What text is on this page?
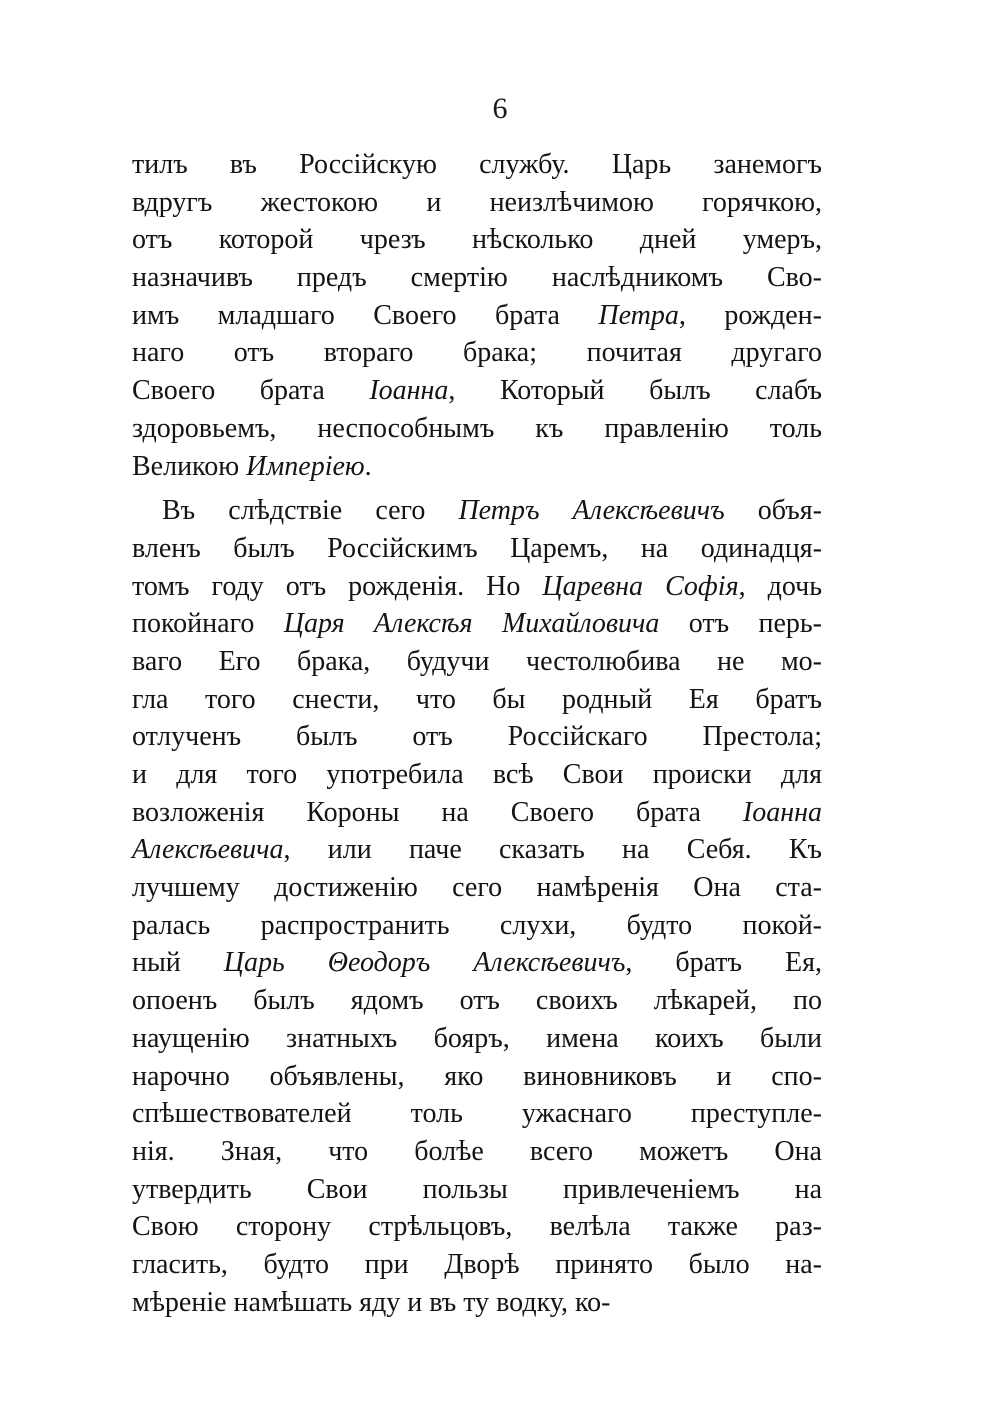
6
тилъ въ Россійскую службу. Царь занемогъ
вдругъ жестокою и неизлѣчимою горячкою,
отъ которой чрезъ нѣсколько дней умеръ,
назначивъ предъ смертію наслѣдникомъ Сво-
имъ младшаго Своего брата Петра, рожден-
наго отъ втораго брака; почитая другаго
Своего брата Іоанна, Который былъ слабъ
здоровьемъ, неспособнымъ къ правленію толь
Великою Имперіею.
Въ слѣдствіе сего Петръ Алексѣевичъ объя-
вленъ былъ Россійскимъ Царемъ, на одинадця-
томъ году отъ рожденія. Но Царевна Софія, дочь
покойнаго Царя Алексѣя Михайловича отъ перь-
ваго Его брака, будучи честолюбива не мо-
гла того снести, что бы родный Ея братъ
отлученъ былъ отъ Россійскаго Престола;
и для того употребила всѣ Свои происки для
возложенія Короны на Своего брата Іоанна
Алексѣевича, или паче сказать на Себя. Къ
лучшему достиженію сего намѣренія Она ста-
ралась распространить слухи, будто покой-
ный Царь Θеодоръ Алексѣевичъ, братъ Ея,
опоенъ былъ ядомъ отъ своихъ лѣкарей, по
наущенію знатныхъ бояръ, имена коихъ были
нарочно объявлены, яко виновниковъ и спо-
спѣшествователей толь ужаснаго преступле-
нія. Зная, что болѣе всего можетъ Она
утвердить Свои пользы привлеченіемъ на
Свою сторону стрѣльцовъ, велѣла также раз-
гласить, будто при Дворѣ принято было на-
мѣреніе намѣшать яду и въ ту водку, ко-
